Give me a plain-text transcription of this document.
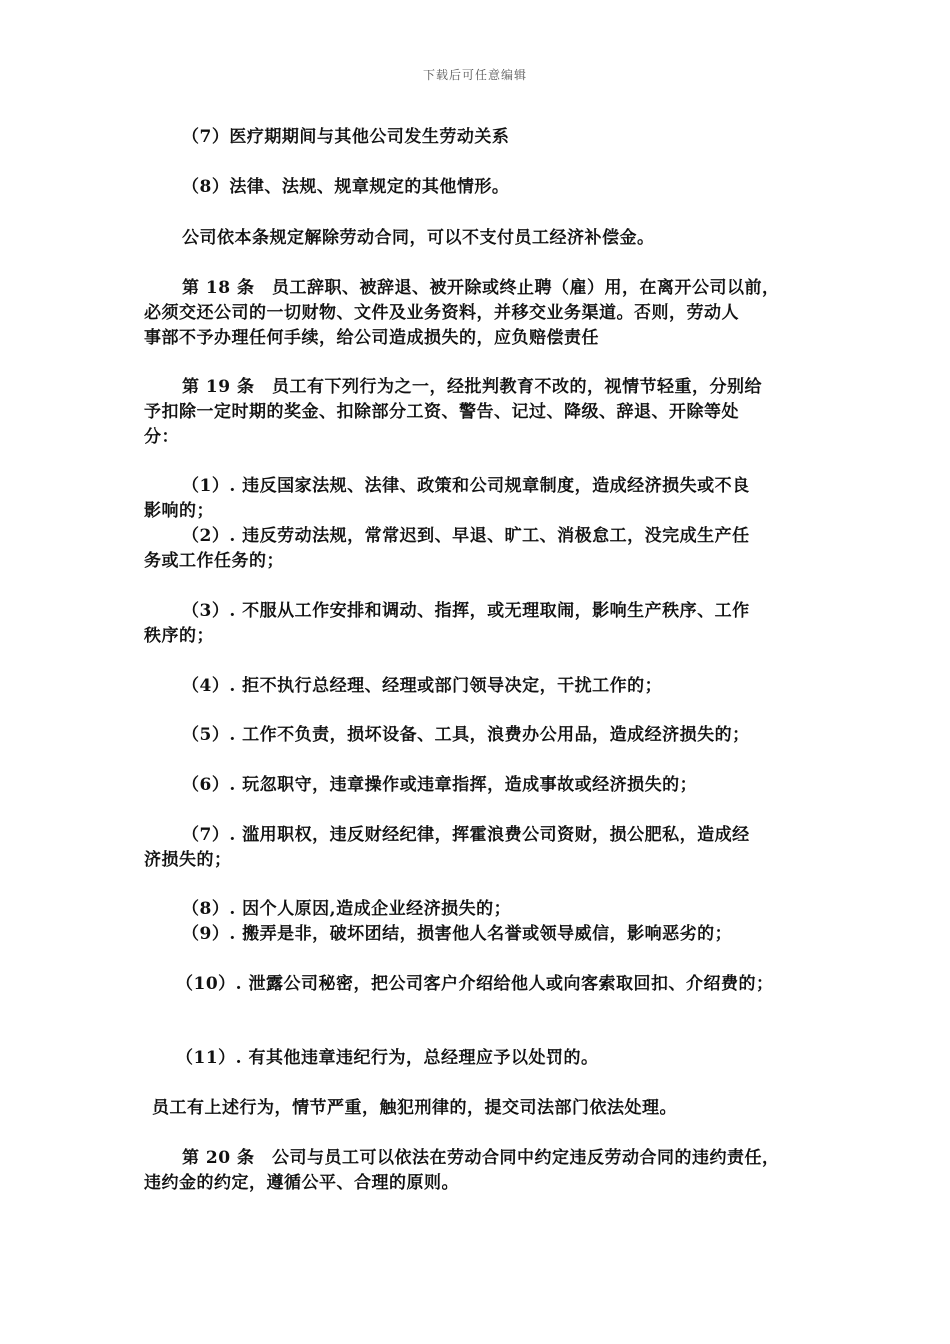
下载后可任意编辑
（7）医疗期期间与其他公司发生劳动关系
（8）法律、法规、规章规定的其他情形。
公司依本条规定解除劳动合同，可以不支付员工经济补偿金。
第 18 条　员工辞职、被辞退、被开除或终止聘（雇）用，在离开公司以前，
必须交还公司的一切财物、文件及业务资料，并移交业务渠道。否则，劳动人
事部不予办理任何手续，给公司造成损失的，应负赔偿责任
第 19 条　员工有下列行为之一，经批判教育不改的，视情节轻重，分别给
予扣除一定时期的奖金、扣除部分工资、警告、记过、降级、辞退、开除等处
分：
（1）. 违反国家法规、法律、政策和公司规章制度，造成经济损失或不良
影响的；
（2）. 违反劳动法规，常常迟到、早退、旷工、消极怠工，没完成生产任
务或工作任务的；
（3）. 不服从工作安排和调动、指挥，或无理取闹，影响生产秩序、工作
秩序的；
（4）. 拒不执行总经理、经理或部门领导决定，干扰工作的；
（5）. 工作不负责，损坏设备、工具，浪费办公用品，造成经济损失的；
（6）. 玩忽职守，违章操作或违章指挥，造成事故或经济损失的；
（7）. 滥用职权，违反财经纪律，挥霍浪费公司资财，损公肥私，造成经
济损失的；
（8）. 因个人原因,造成企业经济损失的；
（9）. 搬弄是非，破坏团结，损害他人名誉或领导威信，影响恶劣的；
（10）. 泄露公司秘密，把公司客户介绍给他人或向客索取回扣、介绍费的；
（11）. 有其他违章违纪行为，总经理应予以处罚的。
员工有上述行为，情节严重，触犯刑律的，提交司法部门依法处理。
第 20 条　公司与员工可以依法在劳动合同中约定违反劳动合同的违约责任，
违约金的约定，遵循公平、合理的原则。
